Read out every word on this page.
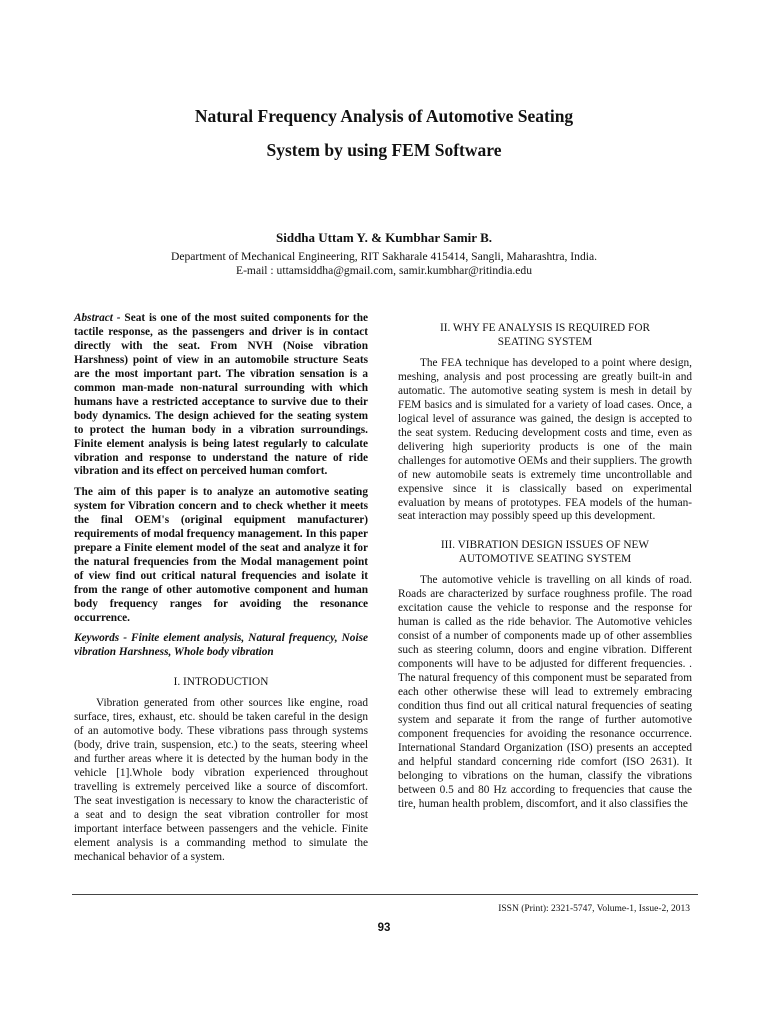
Natural Frequency Analysis of Automotive Seating
System by using FEM Software
Siddha Uttam Y. & Kumbhar Samir B.
Department of Mechanical Engineering, RIT Sakharale 415414, Sangli, Maharashtra, India.
E-mail : uttamsiddha@gmail.com, samir.kumbhar@ritindia.edu

Abstract - Seat is one of the most suited components for the tactile response, as the passengers and driver is in contact directly with the seat. From NVH (Noise vibration Harshness) point of view in an automobile structure Seats are the most important part. The vibration sensation is a common man-made non-natural surrounding with which humans have a restricted acceptance to survive due to their body dynamics. The design achieved for the seating system to protect the human body in a vibration surroundings. Finite element analysis is being latest regularly to calculate vibration and response to understand the nature of ride vibration and its effect on perceived human comfort.

The aim of this paper is to analyze an automotive seating system for Vibration concern and to check whether it meets the final OEM's (original equipment manufacturer) requirements of modal frequency management. In this paper prepare a Finite element model of the seat and analyze it for the natural frequencies from the Modal management point of view find out critical natural frequencies and isolate it from the range of other automotive component and human body frequency ranges for avoiding the resonance occurrence.

Keywords - Finite element analysis, Natural frequency, Noise vibration Harshness, Whole body vibration

I. INTRODUCTION

Vibration generated from other sources like engine, road surface, tires, exhaust, etc. should be taken careful in the design of an automotive body. These vibrations pass through systems (body, drive train, suspension, etc.) to the seats, steering wheel and further areas where it is detected by the human body in the vehicle [1].Whole body vibration experienced throughout travelling is extremely perceived like a source of discomfort. The seat investigation is necessary to know the characteristic of a seat and to design the seat vibration controller for most important interface between passengers and the vehicle. Finite element analysis is a commanding method to simulate the mechanical behavior of a system.

II. WHY FE ANALYSIS IS REQUIRED FOR

SEATING SYSTEM

The FEA technique has developed to a point where design, meshing, analysis and post processing are greatly built-in and automatic. The automotive seating system is mesh in detail by FEM basics and is simulated for a variety of load cases. Once, a logical level of assurance was gained, the design is accepted to the seat system. Reducing development costs and time, even as delivering high superiority products is one of the main challenges for automotive OEMs and their suppliers. The growth of new automobile seats is extremely time uncontrollable and expensive since it is classically based on experimental evaluation by means of prototypes. FEA models of the human-seat interaction may possibly speed up this development.

III. VIBRATION DESIGN ISSUES OF NEW

AUTOMOTIVE SEATING SYSTEM

The automotive vehicle is travelling on all kinds of road. Roads are characterized by surface roughness profile. The road excitation cause the vehicle to response and the response for human is called as the ride behavior. The Automotive vehicles consist of a number of components made up of other assemblies such as steering column, doors and engine vibration. Different components will have to be adjusted for different frequencies. . The natural frequency of this component must be separated from each other otherwise these will lead to extremely embracing condition thus find out all critical natural frequencies of seating system and separate it from the range of further automotive component frequencies for avoiding the resonance occurrence. International Standard Organization (ISO) presents an accepted and helpful standard concerning ride comfort (ISO 2631). It belonging to vibrations on the human, classify the vibrations between 0.5 and 80 Hz according to frequencies that cause the tire, human health problem, discomfort, and it also classifies the

ISSN (Print): 2321-5747, Volume-1, Issue-2, 2013
93
